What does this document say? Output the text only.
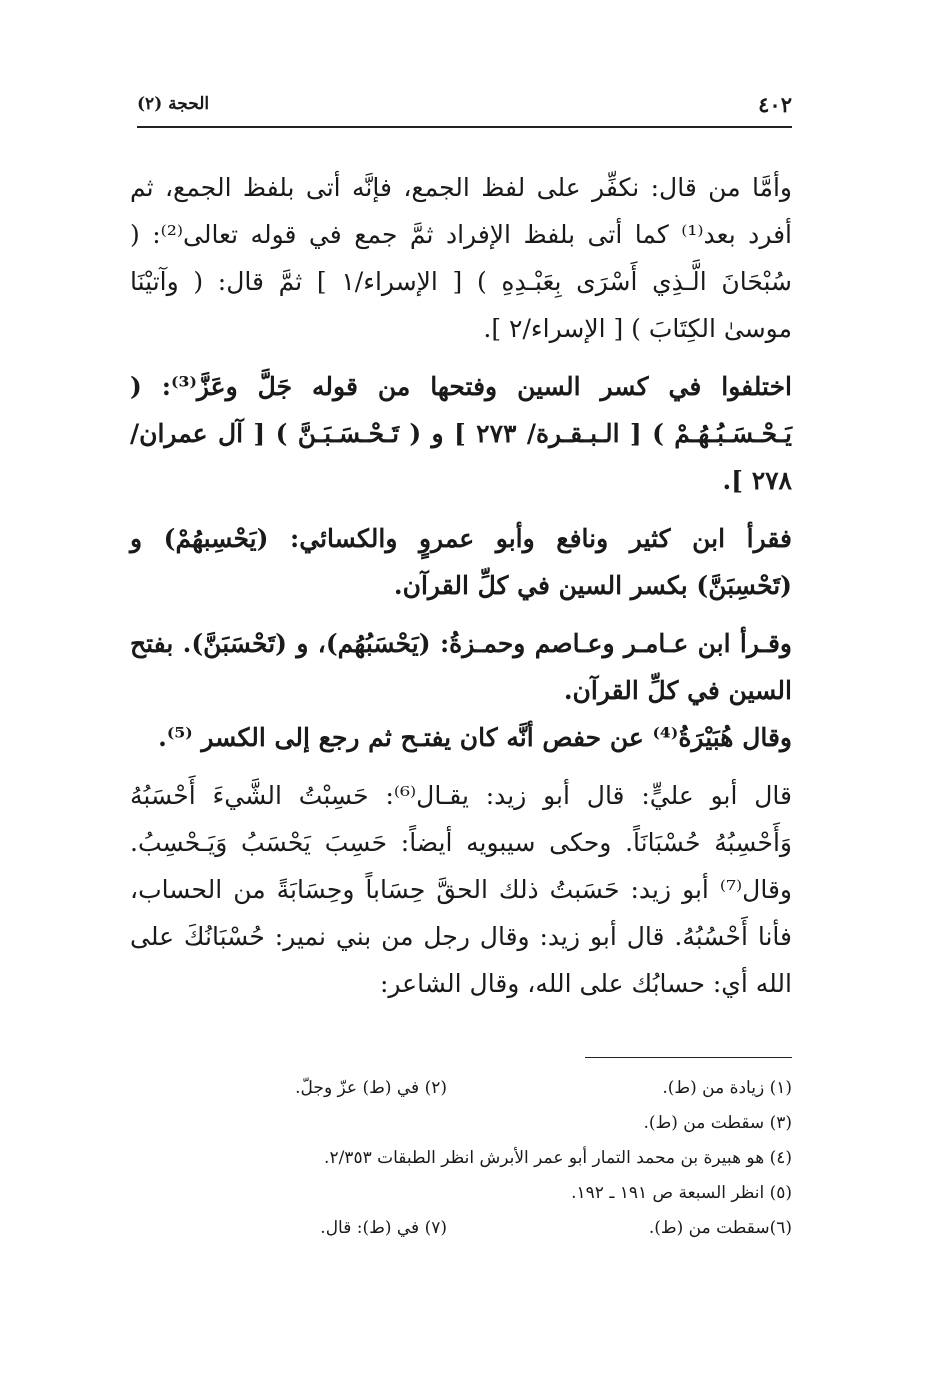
٤٠٢
الحجة (٢)

وأمَّا من قال: نكفِّر على لفظ الجمع، فإنَّه أتى بلفظ الجمع، ثم أفرد بعد⁽¹⁾ كما أتى بلفظ الإفراد ثمَّ جمع في قوله تعالى⁽²⁾: ( سُبْحَانَ الَّـذِي أَسْرَى بِعَبْـدِهِ ) [ الإسراء/١ ] ثمَّ قال: ( وآتيْنَا موسىٰ الكِتَابَ ) [ الإسراء/٢ ].

اختلفوا في كسر السين وفتحها من قوله جَلَّ وعَزَّ⁽³⁾: ( يَـحْـسَـبُـهُـمْ ) [ الـبـقـرة/ ٢٧٣ ] و ( تَـحْـسَـبَـنَّ ) [ آل عمران/ ٢٧٨ ].

فقرأ ابن كثير ونافع وأبو عمروٍ والكسائي: (يَحْسِبهُمْ) و (تَحْسِبَنَّ) بكسر السين في كلِّ القرآن.

وقـرأ ابن عـامـر وعـاصم وحمـزةُ: (يَحْسَبُهُم)، و (تَحْسَبَنَّ). بفتح السين في كلِّ القرآن.

وقال هُبَيْرَةُ⁽⁴⁾ عن حفص أنَّه كان يفتـح ثم رجع إلى الكسر ⁽⁵⁾.

قال أبو عليٍّ: قال أبو زيد: يقـال⁽⁶⁾: حَسِبْتُ الشَّيءَ أَحْسَبُهُ وَأَحْسِبُهُ حُسْبَانَاً. وحكى سيبويه أيضاً: حَسِبَ يَحْسَبُ وَيَـحْسِبُ. وقال⁽⁷⁾ أبو زيد: حَسَبتُ ذلك الحقَّ حِسَاباً وحِسَابَةً من الحساب، فأنا أَحْسُبُهُ. قال أبو زيد: وقال رجل من بني نمير: حُسْبَانُكَ على الله أي: حسابُك على الله، وقال الشاعر:

(١) زيادة من (ط).
(٢) في (ط) عزّ وجلّ.
(٣) سقطت من (ط).
(٤) هو هبيرة بن محمد التمار أبو عمر الأبرش انظر الطبقات ٢/٣٥٣.
(٥) انظر السبعة ص ١٩١ ـ ١٩٢.
(٦)سقطت من (ط).
(٧) في (ط): قال.
